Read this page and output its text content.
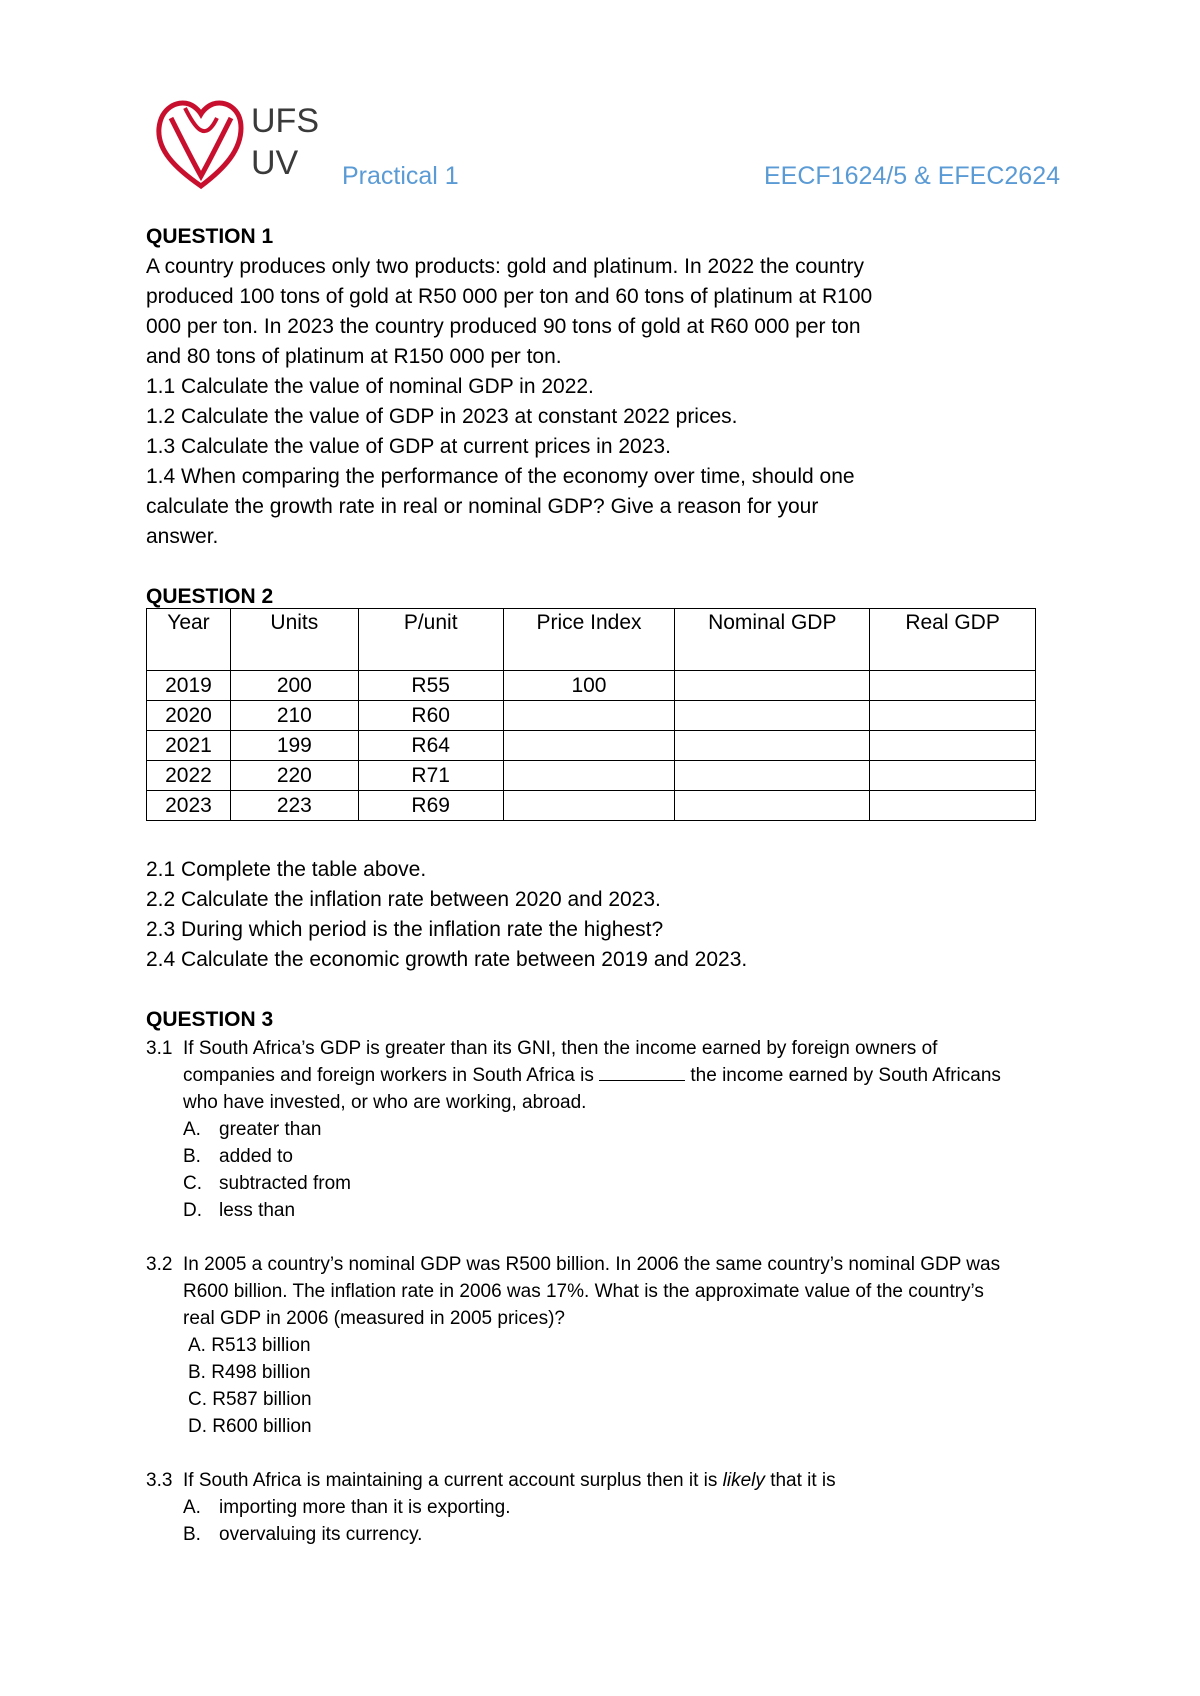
UFS
UV Practical 1	EECF1624/5 & EFEC2624

QUESTION 1

A country produces only two products: gold and platinum. In 2022 the country

produced 100 tons of gold at R50 000 per ton and 60 tons of platinum at R100

000 per ton. In 2023 the country produced 90 tons of gold at R60 000 per ton

and 80 tons of platinum at R150 000 per ton.

1.1 Calculate the value of nominal GDP in 2022.

1.2 Calculate the value of GDP in 2023 at constant 2022 prices.

1.3 Calculate the value of GDP at current prices in 2023.

1.4 When comparing the performance of the economy over time, should one

calculate the growth rate in real or nominal GDP? Give a reason for your

answer.

QUESTION 2

Year	Units	P/unit	Price Index	Nominal GDP	Real GDP
2019	200	R55	100		
2020	210	R60			
2021	199	R64			
2022	220	R71			
2023	223	R69			

2.1 Complete the table above.

2.2 Calculate the inflation rate between 2020 and 2023.

2.3 During which period is the inflation rate the highest?

2.4 Calculate the economic growth rate between 2019 and 2023.

QUESTION 3

3.1 If South Africa’s GDP is greater than its GNI, then the income earned by foreign owners of
companies and foreign workers in South Africa is	the income earned by South Africans
who have invested, or who are working, abroad.
A. greater than
B. added to
C. subtracted from
D. less than
3.2 In 2005 a country’s nominal GDP was R500 billion. In 2006 the same country’s nominal GDP was
R600 billion. The inflation rate in 2006 was 17%. What is the approximate value of the country’s
real GDP in 2006 (measured in 2005 prices)?
A. R513 billion
B. R498 billion
C. R587 billion
D. R600 billion
3.3 If South Africa is maintaining a current account surplus then it is likely that it is
A. importing more than it is exporting.
B. overvaluing its currency.
